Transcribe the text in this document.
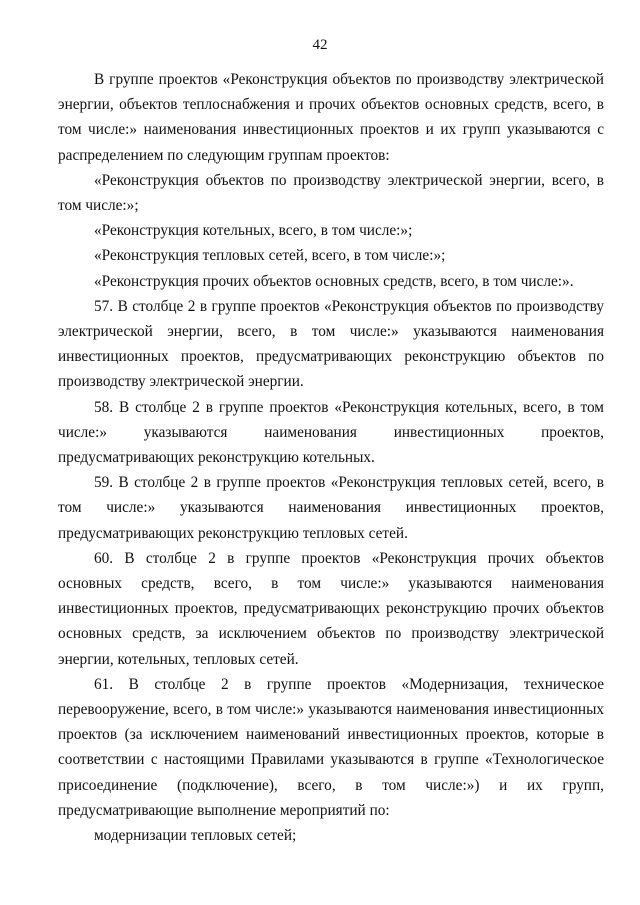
42

В группе проектов «Реконструкция объектов по производству электрической энергии, объектов теплоснабжения и прочих объектов основных средств, всего, в том числе:» наименования инвестиционных проектов и их групп указываются с распределением по следующим группам проектов:

«Реконструкция объектов по производству электрической энергии, всего, в том числе:»;

«Реконструкция котельных, всего, в том числе:»;

«Реконструкция тепловых сетей, всего, в том числе:»;

«Реконструкция прочих объектов основных средств, всего, в том числе:».

57. В столбце 2 в группе проектов «Реконструкция объектов по производству электрической энергии, всего, в том числе:» указываются наименования инвестиционных проектов, предусматривающих реконструкцию объектов по производству электрической энергии.

58. В столбце 2 в группе проектов «Реконструкция котельных, всего, в том числе:» указываются наименования инвестиционных проектов, предусматривающих реконструкцию котельных.

59. В столбце 2 в группе проектов «Реконструкция тепловых сетей, всего, в том числе:» указываются наименования инвестиционных проектов, предусматривающих реконструкцию тепловых сетей.

60. В столбце 2 в группе проектов «Реконструкция прочих объектов основных средств, всего, в том числе:» указываются наименования инвестиционных проектов, предусматривающих реконструкцию прочих объектов основных средств, за исключением объектов по производству электрической энергии, котельных, тепловых сетей.

61. В столбце 2 в группе проектов «Модернизация, техническое перевооружение, всего, в том числе:» указываются наименования инвестиционных проектов (за исключением наименований инвестиционных проектов, которые в соответствии с настоящими Правилами указываются в группе «Технологическое присоединение (подключение), всего, в том числе:») и их групп, предусматривающие выполнение мероприятий по:

модернизации тепловых сетей;
